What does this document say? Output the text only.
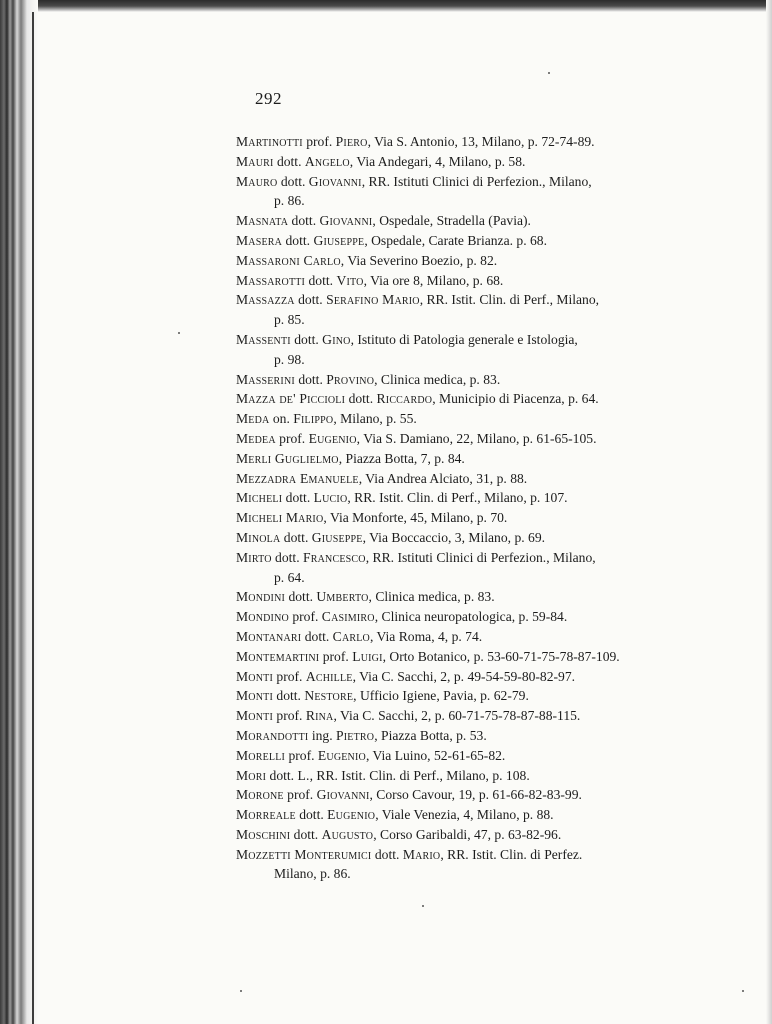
292
Martinotti prof. Piero, Via S. Antonio, 13, Milano, p. 72-74-89.
Mauri dott. Angelo, Via Andegari, 4, Milano, p. 58.
Mauro dott. Giovanni, RR. Istituti Clinici di Perfezion., Milano,
p. 86.
Masnata dott. Giovanni, Ospedale, Stradella (Pavia).
Masera dott. Giuseppe, Ospedale, Carate Brianza. p. 68.
Massaroni Carlo, Via Severino Boezio, p. 82.
Massarotti dott. Vito, Via ore 8, Milano, p. 68.
Massazza dott. Serafino Mario, RR. Istit. Clin. di Perf., Milano,
p. 85.
Massenti dott. Gino, Istituto di Patologia generale e Istologia,
p. 98.
Masserini dott. Provino, Clinica medica, p. 83.
Mazza de' Piccioli dott. Riccardo, Municipio di Piacenza, p. 64.
Meda on. Filippo, Milano, p. 55.
Medea prof. Eugenio, Via S. Damiano, 22, Milano, p. 61-65-105.
Merli Guglielmo, Piazza Botta, 7, p. 84.
Mezzadra Emanuele, Via Andrea Alciato, 31, p. 88.
Micheli dott. Lucio, RR. Istit. Clin. di Perf., Milano, p. 107.
Micheli Mario, Via Monforte, 45, Milano, p. 70.
Minola dott. Giuseppe, Via Boccaccio, 3, Milano, p. 69.
Mirto dott. Francesco, RR. Istituti Clinici di Perfezion., Milano,
p. 64.
Mondini dott. Umberto, Clinica medica, p. 83.
Mondino prof. Casimiro, Clinica neuropatologica, p. 59-84.
Montanari dott. Carlo, Via Roma, 4, p. 74.
Montemartini prof. Luigi, Orto Botanico, p. 53-60-71-75-78-87-109.
Monti prof. Achille, Via C. Sacchi, 2, p. 49-54-59-80-82-97.
Monti dott. Nestore, Ufficio Igiene, Pavia, p. 62-79.
Monti prof. Rina, Via C. Sacchi, 2, p. 60-71-75-78-87-88-115.
Morandotti ing. Pietro, Piazza Botta, p. 53.
Morelli prof. Eugenio, Via Luino, 52-61-65-82.
Mori dott. L., RR. Istit. Clin. di Perf., Milano, p. 108.
Morone prof. Giovanni, Corso Cavour, 19, p. 61-66-82-83-99.
Morreale dott. Eugenio, Viale Venezia, 4, Milano, p. 88.
Moschini dott. Augusto, Corso Garibaldi, 47, p. 63-82-96.
Mozzetti Monterumici dott. Mario, RR. Istit. Clin. di Perfez.
Milano, p. 86.
